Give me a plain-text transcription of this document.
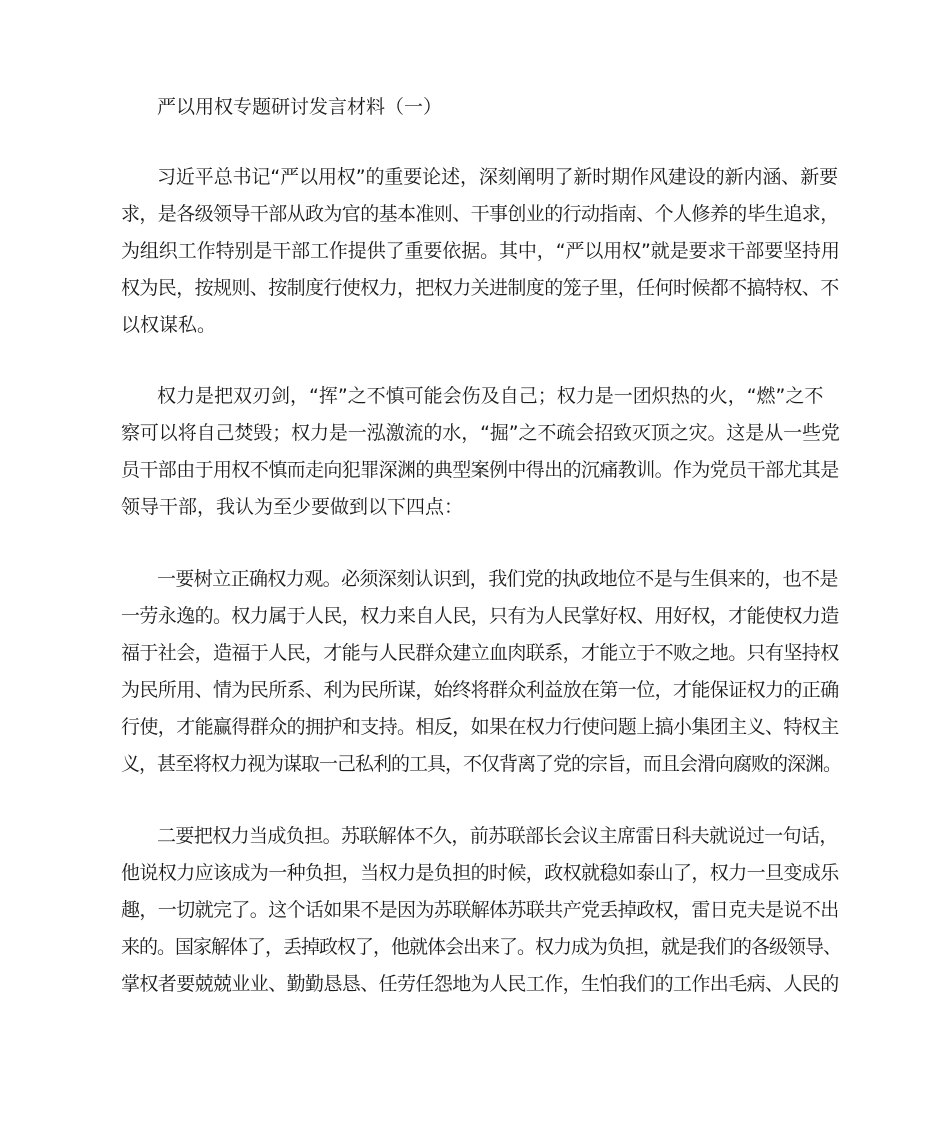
严以用权专题研讨发言材料（一）
习近平总书记“严以用权”的重要论述，深刻阐明了新时期作风建设的新内涵、新要
求，是各级领导干部从政为官的基本准则、干事创业的行动指南、个人修养的毕生追求，
为组织工作特别是干部工作提供了重要依据。其中，“严以用权”就是要求干部要坚持用
权为民，按规则、按制度行使权力，把权力关进制度的笼子里，任何时候都不搞特权、不
以权谋私。
权力是把双刃剑，“挥”之不慎可能会伤及自己；权力是一团炽热的火，“燃”之不
察可以将自己焚毁；权力是一泓激流的水，“掘”之不疏会招致灭顶之灾。这是从一些党
员干部由于用权不慎而走向犯罪深渊的典型案例中得出的沉痛教训。作为党员干部尤其是
领导干部，我认为至少要做到以下四点：
一要树立正确权力观。必须深刻认识到，我们党的执政地位不是与生俱来的，也不是
一劳永逸的。权力属于人民，权力来自人民，只有为人民掌好权、用好权，才能使权力造
福于社会，造福于人民，才能与人民群众建立血肉联系，才能立于不败之地。只有坚持权
为民所用、情为民所系、利为民所谋，始终将群众利益放在第一位，才能保证权力的正确
行使，才能赢得群众的拥护和支持。相反，如果在权力行使问题上搞小集团主义、特权主
义，甚至将权力视为谋取一己私利的工具，不仅背离了党的宗旨，而且会滑向腐败的深渊。
二要把权力当成负担。苏联解体不久，前苏联部长会议主席雷日科夫就说过一句话，
他说权力应该成为一种负担，当权力是负担的时候，政权就稳如泰山了，权力一旦变成乐
趣，一切就完了。这个话如果不是因为苏联解体苏联共产党丢掉政权，雷日克夫是说不出
来的。国家解体了，丢掉政权了，他就体会出来了。权力成为负担，就是我们的各级领导、
掌权者要兢兢业业、勤勤恳恳、任劳任怨地为人民工作，生怕我们的工作出毛病、人民的
